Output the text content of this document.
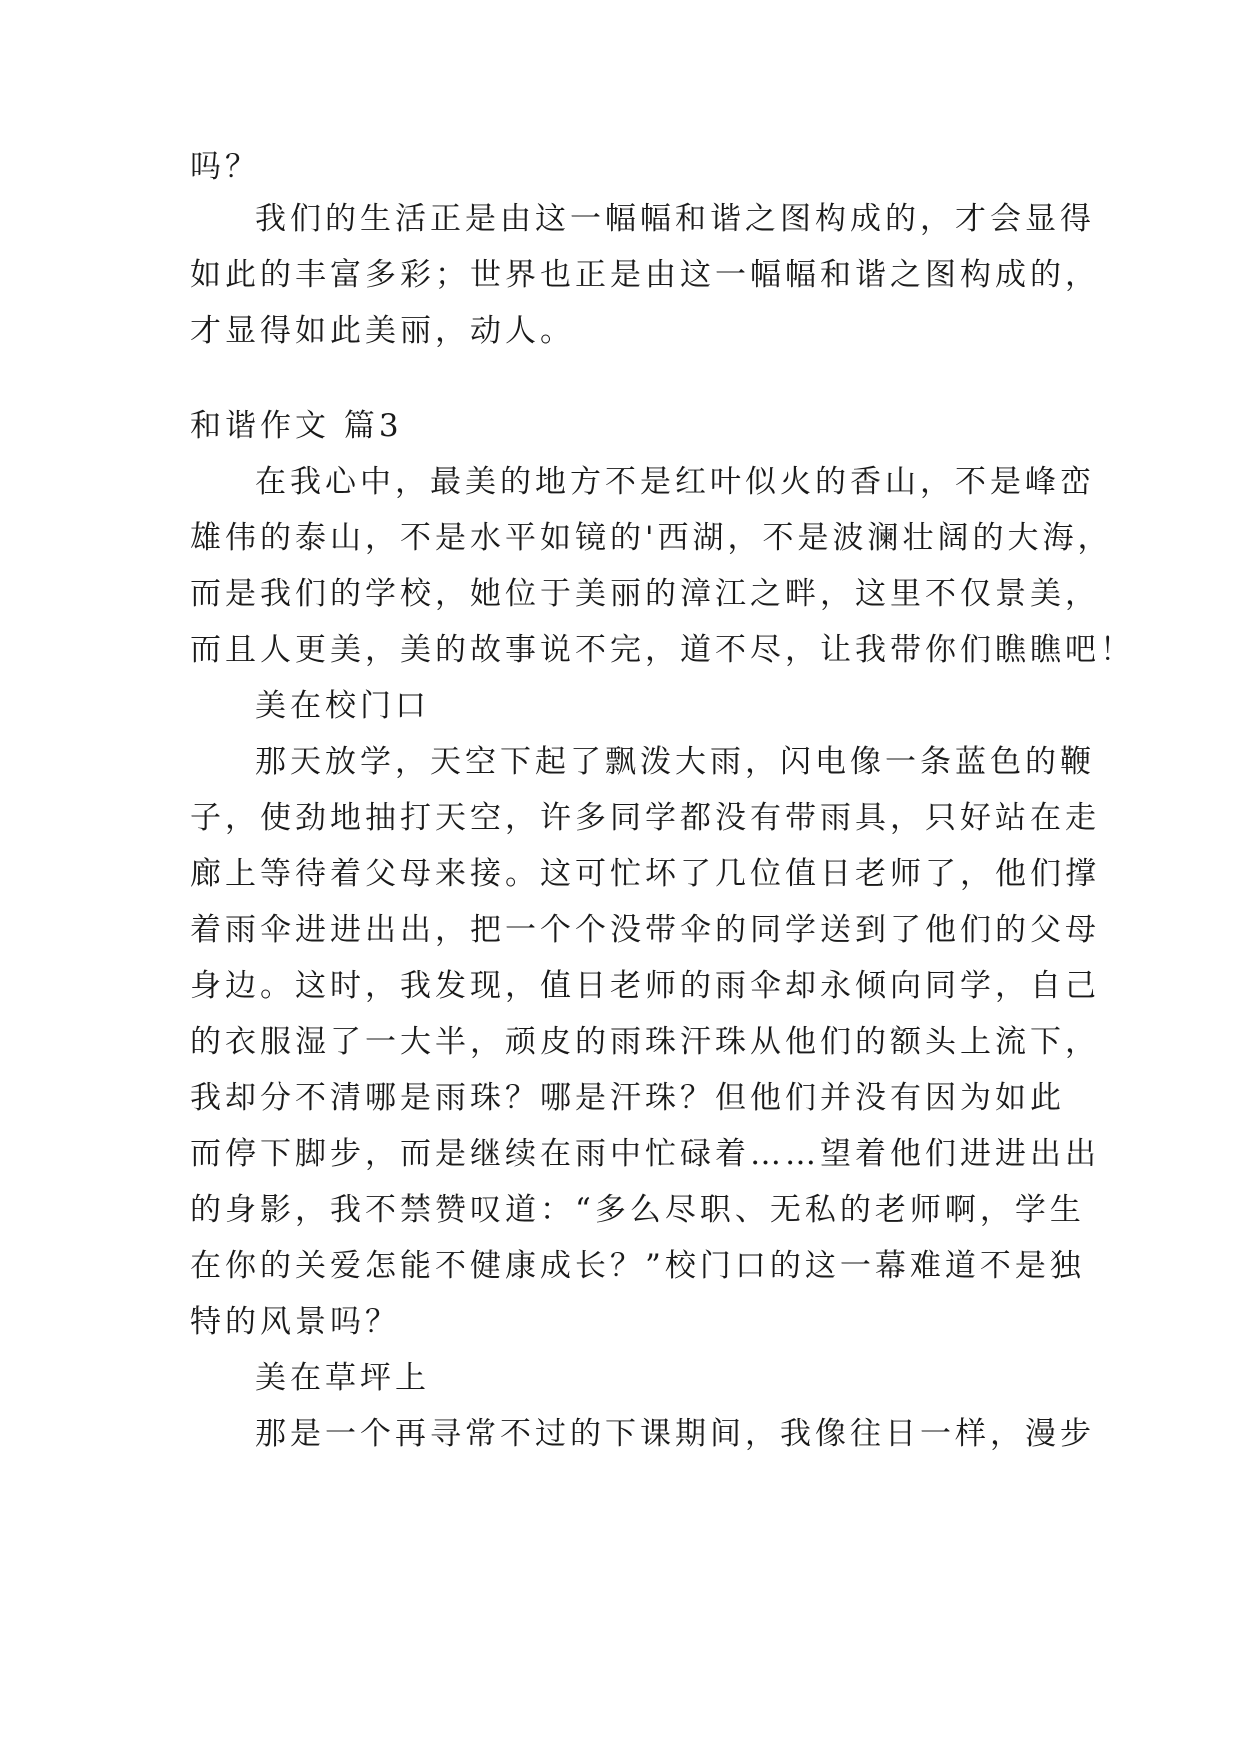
吗？
我们的生活正是由这一幅幅和谐之图构成的，才会显得
如此的丰富多彩；世界也正是由这一幅幅和谐之图构成的，
才显得如此美丽，动人。
和谐作文 篇3
在我心中，最美的地方不是红叶似火的香山，不是峰峦
雄伟的泰山，不是水平如镜的'西湖，不是波澜壮阔的大海，
而是我们的学校，她位于美丽的漳江之畔，这里不仅景美，
而且人更美，美的故事说不完，道不尽，让我带你们瞧瞧吧！
美在校门口
那天放学，天空下起了飘泼大雨，闪电像一条蓝色的鞭
子，使劲地抽打天空，许多同学都没有带雨具，只好站在走
廊上等待着父母来接。这可忙坏了几位值日老师了，他们撑
着雨伞进进出出，把一个个没带伞的同学送到了他们的父母
身边。这时，我发现，值日老师的雨伞却永倾向同学，自己
的衣服湿了一大半，顽皮的雨珠汗珠从他们的额头上流下，
我却分不清哪是雨珠？哪是汗珠？但他们并没有因为如此
而停下脚步，而是继续在雨中忙碌着……望着他们进进出出
的身影，我不禁赞叹道：“多么尽职、无私的老师啊，学生
在你的关爱怎能不健康成长？”校门口的这一幕难道不是独
特的风景吗？
美在草坪上
那是一个再寻常不过的下课期间，我像往日一样，漫步
